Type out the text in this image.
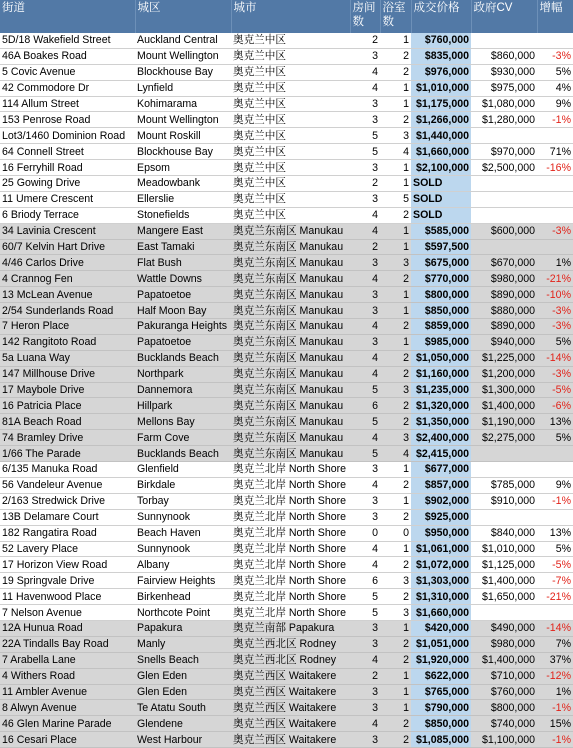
街道	城区	城市	房间数	浴室数	成交价格	政府CV	增幅
5D/18 Wakefield Street	Auckland Central	奥克兰中区	2	1	$760,000		
46A Boakes Road	Mount Wellington	奥克兰中区	3	2	$835,000	$860,000	-3%
5 Covic Avenue	Blockhouse Bay	奥克兰中区	4	2	$976,000	$930,000	5%
42 Commodore Dr	Lynfield	奥克兰中区	4	1	$1,010,000	$975,000	4%
114 Allum Street	Kohimarama	奥克兰中区	3	1	$1,175,000	$1,080,000	9%
153 Penrose Road	Mount Wellington	奥克兰中区	3	2	$1,266,000	$1,280,000	-1%
Lot3/1460 Dominion Road	Mount Roskill	奥克兰中区	5	3	$1,440,000		
64 Connell Street	Blockhouse Bay	奥克兰中区	5	4	$1,660,000	$970,000	71%
16 Ferryhill Road	Epsom	奥克兰中区	3	1	$2,100,000	$2,500,000	-16%
25 Gowing Drive	Meadowbank	奥克兰中区	2	1	SOLD		
11 Umere Crescent	Ellerslie	奥克兰中区	3	5	SOLD		
6 Briody Terrace	Stonefields	奥克兰中区	4	2	SOLD		
34 Lavinia Crescent	Mangere East	奥克兰东南区 Manukau	4	1	$585,000	$600,000	-3%
60/7 Kelvin Hart Drive	East Tamaki	奥克兰东南区 Manukau	2	1	$597,500		
4/46 Carlos Drive	Flat Bush	奥克兰东南区 Manukau	3	3	$675,000	$670,000	1%
4 Crannog Fen	Wattle Downs	奥克兰东南区 Manukau	4	2	$770,000	$980,000	-21%
13 McLean Avenue	Papatoetoe	奥克兰东南区 Manukau	3	1	$800,000	$890,000	-10%
2/54 Sunderlands Road	Half Moon Bay	奥克兰东南区 Manukau	3	1	$850,000	$880,000	-3%
7 Heron Place	Pakuranga Heights	奥克兰东南区 Manukau	4	2	$859,000	$890,000	-3%
142 Rangitoto Road	Papatoetoe	奥克兰东南区 Manukau	3	1	$985,000	$940,000	5%
5a Luana Way	Bucklands Beach	奥克兰东南区 Manukau	4	2	$1,050,000	$1,225,000	-14%
147 Millhouse Drive	Northpark	奥克兰东南区 Manukau	4	2	$1,160,000	$1,200,000	-3%
17 Maybole Drive	Dannemora	奥克兰东南区 Manukau	5	3	$1,235,000	$1,300,000	-5%
16 Patricia Place	Hillpark	奥克兰东南区 Manukau	6	2	$1,320,000	$1,400,000	-6%
81A Beach Road	Mellons Bay	奥克兰东南区 Manukau	5	2	$1,350,000	$1,190,000	13%
74 Bramley Drive	Farm Cove	奥克兰东南区 Manukau	4	3	$2,400,000	$2,275,000	5%
1/66 The Parade	Bucklands Beach	奥克兰东南区 Manukau	5	4	$2,415,000		
6/135 Manuka Road	Glenfield	奥克兰北岸 North Shore	3	1	$677,000		
56 Vandeleur Avenue	Birkdale	奥克兰北岸 North Shore	4	2	$857,000	$785,000	9%
2/163 Stredwick Drive	Torbay	奥克兰北岸 North Shore	3	1	$902,000	$910,000	-1%
13B Delamare Court	Sunnynook	奥克兰北岸 North Shore	3	2	$925,000		
182 Rangatira Road	Beach Haven	奥克兰北岸 North Shore	0	0	$950,000	$840,000	13%
52 Lavery Place	Sunnynook	奥克兰北岸 North Shore	4	1	$1,061,000	$1,010,000	5%
17 Horizon View Road	Albany	奥克兰北岸 North Shore	4	2	$1,072,000	$1,125,000	-5%
19 Springvale Drive	Fairview Heights	奥克兰北岸 North Shore	6	3	$1,303,000	$1,400,000	-7%
11 Havenwood Place	Birkenhead	奥克兰北岸 North Shore	5	2	$1,310,000	$1,650,000	-21%
7 Nelson Avenue	Northcote Point	奥克兰北岸 North Shore	5	3	$1,660,000		
12A Hunua Road	Papakura	奥克兰南部 Papakura	3	1	$420,000	$490,000	-14%
22A Tindalls Bay Road	Manly	奥克兰西北区 Rodney	3	2	$1,051,000	$980,000	7%
7 Arabella Lane	Snells Beach	奥克兰西北区 Rodney	4	2	$1,920,000	$1,400,000	37%
4 Withers Road	Glen Eden	奥克兰西区 Waitakere	2	1	$622,000	$710,000	-12%
11 Ambler Avenue	Glen Eden	奥克兰西区 Waitakere	3	1	$765,000	$760,000	1%
8 Alwyn Avenue	Te Atatu South	奥克兰西区 Waitakere	3	1	$790,000	$800,000	-1%
46 Glen Marine Parade	Glendene	奥克兰西区 Waitakere	4	2	$850,000	$740,000	15%
16 Cesari Place	West Harbour	奥克兰西区 Waitakere	3	2	$1,085,000	$1,100,000	-1%
